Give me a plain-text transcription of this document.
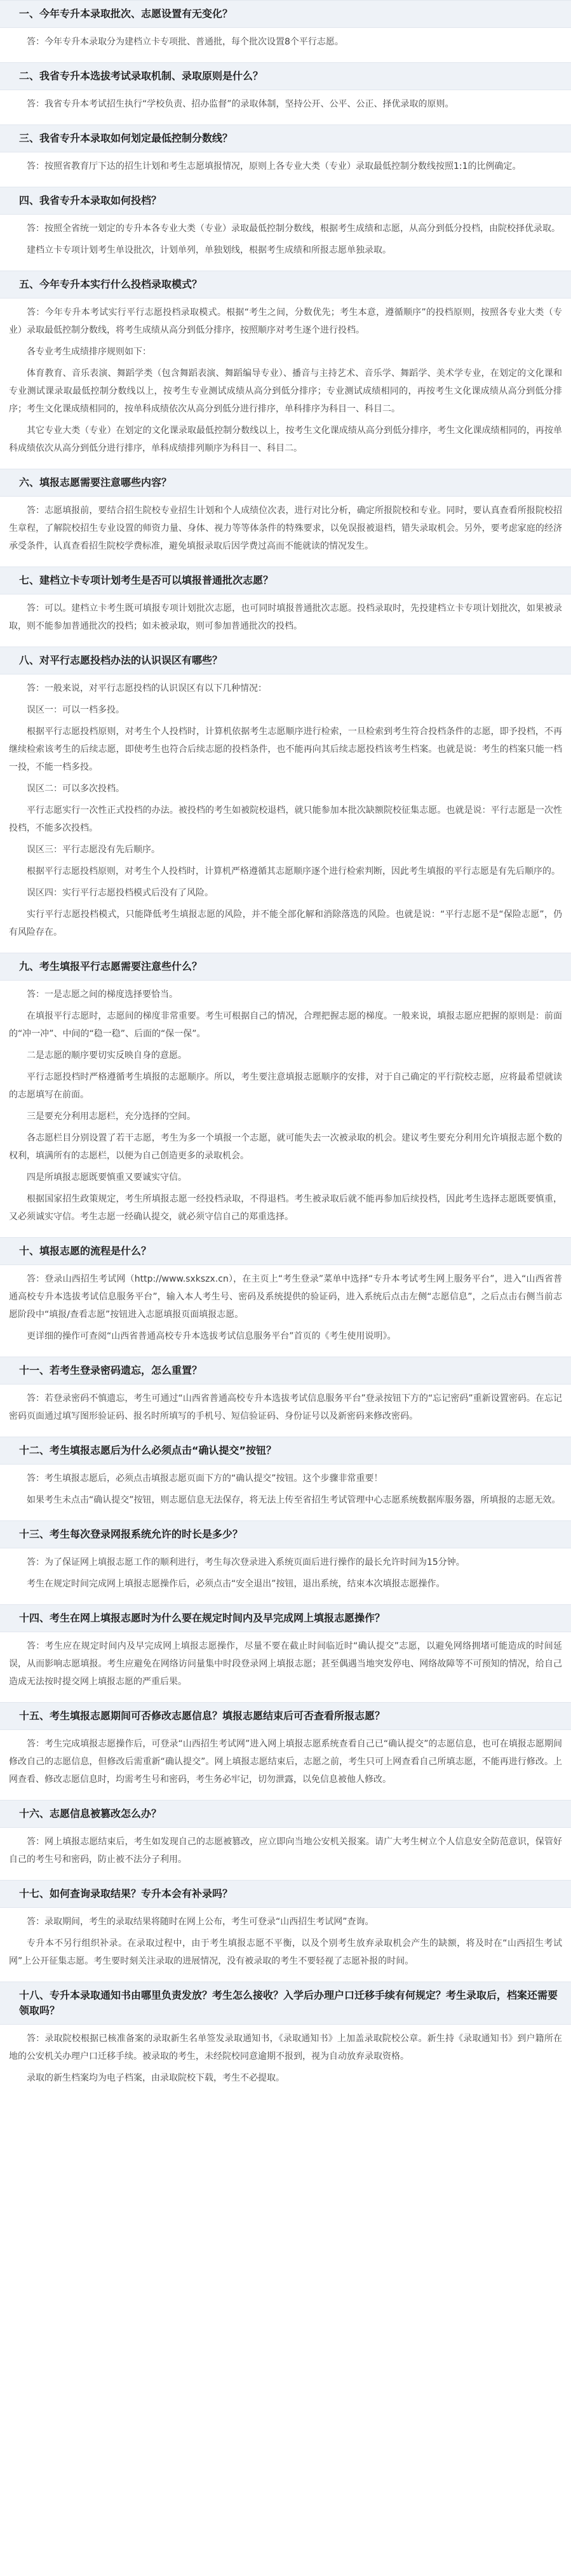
一、今年专升本录取批次、志愿设置有无变化？

答：今年专升本录取分为建档立卡专项批、普通批，每个批次设置8个平行志愿。

二、我省专升本选拔考试录取机制、录取原则是什么？

答：我省专升本考试招生执行“学校负责、招办监督”的录取体制，坚持公开、公平、公正、择优录取的原则。

三、我省专升本录取如何划定最低控制分数线？

答：按照省教育厅下达的招生计划和考生志愿填报情况，原则上各专业大类（专业）录取最低控制分数线按照1:1的比例确定。

四、我省专升本录取如何投档？

答：按照全省统一划定的专升本各专业大类（专业）录取最低控制分数线，根据考生成绩和志愿，从高分到低分投档，由院校择优录取。

建档立卡专项计划考生单设批次，计划单列，单独划线，根据考生成绩和所报志愿单独录取。

五、今年专升本实行什么投档录取模式？

答：今年专升本考试实行平行志愿投档录取模式。根据“考生之间，分数优先；考生本意，遵循顺序”的投档原则，按照各专业大类（专业）录取最低控制分数线，将考生成绩从高分到低分排序，按照顺序对考生逐个进行投档。

各专业考生成绩排序规则如下：

体育教育、音乐表演、舞蹈学类（包含舞蹈表演、舞蹈编导专业）、播音与主持艺术、音乐学、舞蹈学、美术学专业，在划定的文化课和专业测试课录取最低控制分数线以上，按考生专业测试成绩从高分到低分排序；专业测试成绩相同的，再按考生文化课成绩从高分到低分排序；考生文化课成绩相同的，按单科成绩依次从高分到低分进行排序，单科排序为科目一、科目二。

其它专业大类（专业）在划定的文化课录取最低控制分数线以上，按考生文化课成绩从高分到低分排序，考生文化课成绩相同的，再按单科成绩依次从高分到低分进行排序，单科成绩排列顺序为科目一、科目二。

六、填报志愿需要注意哪些内容？

答：志愿填报前，要结合招生院校专业招生计划和个人成绩位次表，进行对比分析，确定所报院校和专业。同时，要认真查看所报院校招生章程，了解院校招生专业设置的师资力量、身体、视力等等体条件的特殊要求，以免误报被退档，错失录取机会。另外，要考虑家庭的经济承受条件，认真查看招生院校学费标准，避免填报录取后因学费过高而不能就读的情况发生。

七、建档立卡专项计划考生是否可以填报普通批次志愿？

答：可以。建档立卡考生既可填报专项计划批次志愿，也可同时填报普通批次志愿。投档录取时，先投建档立卡专项计划批次，如果被录取，则不能参加普通批次的投档；如未被录取，则可参加普通批次的投档。

八、对平行志愿投档办法的认识误区有哪些？

答：一般来说，对平行志愿投档的认识误区有以下几种情况：

误区一：可以一档多投。

根据平行志愿投档原则，对考生个人投档时，计算机依据考生志愿顺序进行检索，一旦检索到考生符合投档条件的志愿，即予投档，不再继续检索该考生的后续志愿，即使考生也符合后续志愿的投档条件，也不能再向其后续志愿投档该考生档案。也就是说：考生的档案只能一档一投，不能一档多投。

误区二：可以多次投档。

平行志愿实行一次性正式投档的办法。被投档的考生如被院校退档，就只能参加本批次缺额院校征集志愿。也就是说：平行志愿是一次性投档，不能多次投档。

误区三：平行志愿没有先后顺序。

根据平行志愿投档原则，对考生个人投档时，计算机严格遵循其志愿顺序逐个进行检索判断，因此考生填报的平行志愿是有先后顺序的。

误区四：实行平行志愿投档模式后没有了风险。

实行平行志愿投档模式，只能降低考生填报志愿的风险，并不能全部化解和消除落选的风险。也就是说：“平行志愿不是“保险志愿”，仍有风险存在。

九、考生填报平行志愿需要注意些什么？

答：一是志愿之间的梯度选择要恰当。

在填报平行志愿时，志愿间的梯度非常重要。考生可根据自己的情况，合理把握志愿的梯度。一般来说，填报志愿应把握的原则是：前面的“冲一冲”、中间的“稳一稳”、后面的“保一保”。

二是志愿的顺序要切实反映自身的意愿。

平行志愿投档时严格遵循考生填报的志愿顺序。所以，考生要注意填报志愿顺序的安排，对于自己确定的平行院校志愿，应将最希望就读的志愿填写在前面。

三是要充分利用志愿栏，充分选择的空间。

各志愿栏目分别设置了若干志愿，考生为多一个填报一个志愿，就可能失去一次被录取的机会。建议考生要充分利用允许填报志愿个数的权利，填满所有的志愿栏，以便为自己创造更多的录取机会。

四是所填报志愿既要慎重又要诚实守信。

根据国家招生政策规定，考生所填报志愿一经投档录取，不得退档。考生被录取后就不能再参加后续投档，因此考生选择志愿既要慎重，又必须诚实守信。考生志愿一经确认提交，就必须守信自己的郑重选择。

十、填报志愿的流程是什么？

答：登录山西招生考试网（http://www.sxkszx.cn），在主页上“考生登录”菜单中选择“专升本考试考生网上服务平台”，进入“山西省普通高校专升本选拔考试信息服务平台”，输入本人考生号、密码及系统提供的验证码，进入系统后点击左侧“志愿信息”，之后点击右侧当前志愿阶段中“填报/查看志愿”按钮进入志愿填报页面填报志愿。

更详细的操作可查阅“山西省普通高校专升本选拔考试信息服务平台”首页的《考生使用说明》。

十一、若考生登录密码遗忘，怎么重置？

答：若登录密码不慎遗忘，考生可通过“山西省普通高校专升本选拔考试信息服务平台”登录按钮下方的“忘记密码”重新设置密码。在忘记密码页面通过填写图形验证码、报名时所填写的手机号、短信验证码、身份证号以及新密码来修改密码。

十二、考生填报志愿后为什么必须点击“确认提交”按钮？

答：考生填报志愿后，必须点击填报志愿页面下方的“确认提交”按钮。这个步骤非常重要！

如果考生未点击“确认提交”按钮，则志愿信息无法保存，将无法上传至省招生考试管理中心志愿系统数据库服务器，所填报的志愿无效。

十三、考生每次登录网报系统允许的时长是多少？

答：为了保证网上填报志愿工作的顺利进行，考生每次登录进入系统页面后进行操作的最长允许时间为15分钟。

考生在规定时间完成网上填报志愿操作后，必须点击“安全退出”按钮，退出系统，结束本次填报志愿操作。

十四、考生在网上填报志愿时为什么要在规定时间内及早完成网上填报志愿操作？

答：考生应在规定时间内及早完成网上填报志愿操作，尽量不要在截止时间临近时“确认提交”志愿，以避免网络拥堵可能造成的时间延误，从而影响志愿填报。考生应避免在网络访问量集中时段登录网上填报志愿；甚至偶遇当地突发停电、网络故障等不可预知的情况，给自己造成无法按时提交网上填报志愿的严重后果。

十五、考生填报志愿期间可否修改志愿信息？填报志愿结束后可否查看所报志愿？

答：考生完成填报志愿操作后，可登录“山西招生考试网”进入网上填报志愿系统查看自己已“确认提交”的志愿信息，也可在填报志愿期间修改自己的志愿信息，但修改后需重新“确认提交”。网上填报志愿结束后，志愿之前，考生只可上网查看自己所填志愿，不能再进行修改。上网查看、修改志愿信息时，均需考生号和密码，考生务必牢记，切勿泄露，以免信息被他人修改。

十六、志愿信息被篡改怎么办？

答：网上填报志愿结束后，考生如发现自己的志愿被篡改，应立即向当地公安机关报案。请广大考生树立个人信息安全防范意识，保管好自己的考生号和密码，防止被不法分子利用。

十七、如何查询录取结果？专升本会有补录吗？

答：录取期间，考生的录取结果将随时在网上公布，考生可登录“山西招生考试网”查询。

专升本不另行组织补录。在录取过程中，由于考生填报志愿不平衡，以及个别考生放弃录取机会产生的缺额，将及时在“山西招生考试网”上公开征集志愿。考生要时刻关注录取的进展情况，没有被录取的考生不要轻视了志愿补报的时间。

十八、专升本录取通知书由哪里负责发放？考生怎么接收？入学后办理户口迁移手续有何规定？考生录取后，档案还需要领取吗？

答：录取院校根据已核准备案的录取新生名单签发录取通知书，《录取通知书》上加盖录取院校公章。新生持《录取通知书》到户籍所在地的公安机关办理户口迁移手续。被录取的考生，未经院校同意逾期不报到，视为自动放弃录取资格。

录取的新生档案均为电子档案，由录取院校下载，考生不必提取。
